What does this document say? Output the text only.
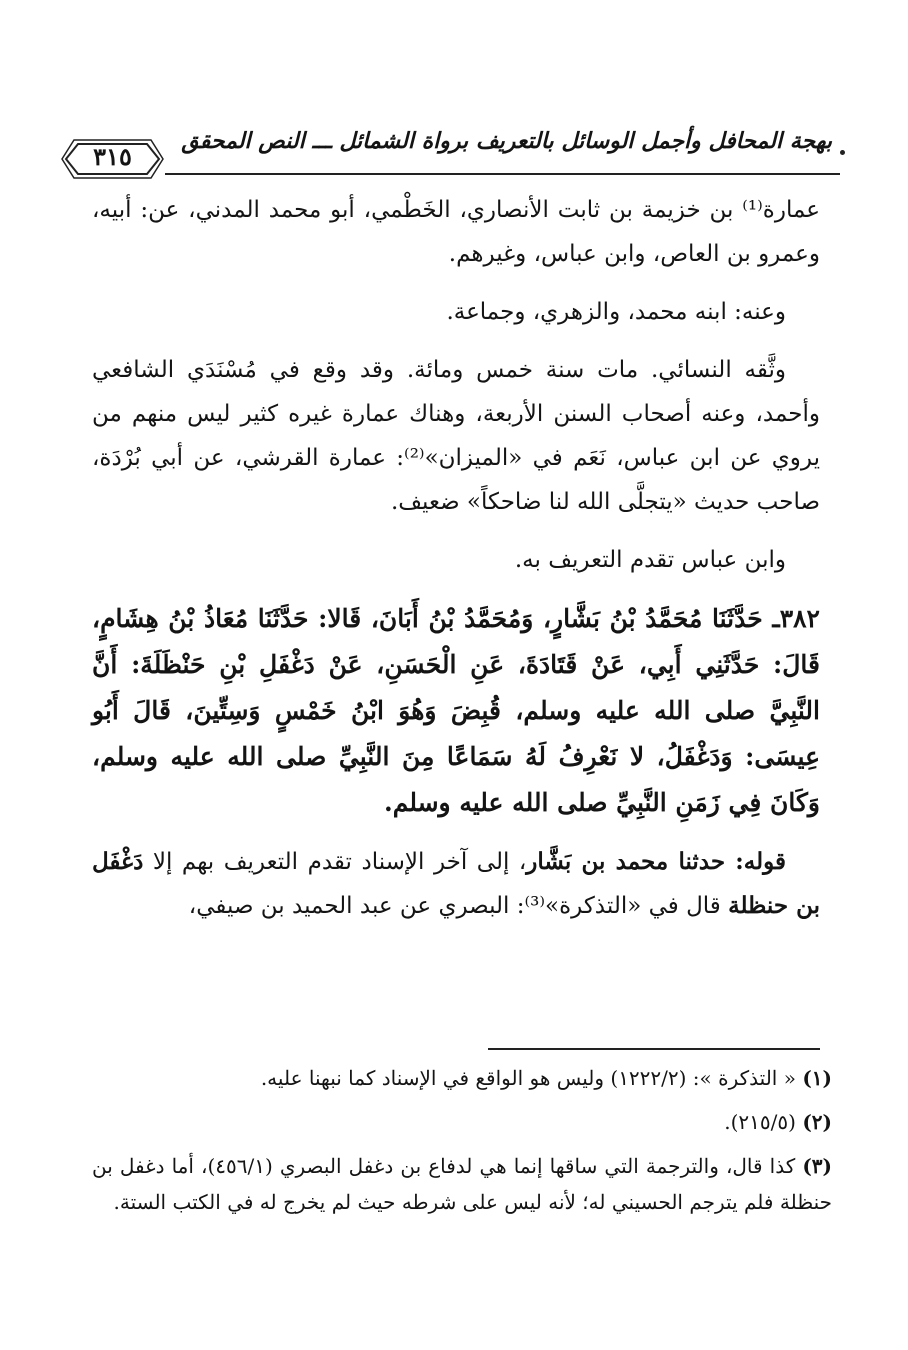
بهجة المحافل وأجمل الوسائل بالتعريف برواة الشمائل ـــ النص المحقق
٣١٥

عمارة⁽¹⁾ بن خزيمة بن ثابت الأنصاري، الخَطْمي، أبو محمد المدني، عن: أبيه، وعمرو بن العاص، وابن عباس، وغيرهم.

وعنه: ابنه محمد، والزهري، وجماعة.

وثَّقه النسائي. مات سنة خمس ومائة. وقد وقع في مُسْنَدَي الشافعي وأحمد، وعنه أصحاب السنن الأربعة، وهناك عمارة غيره كثير ليس منهم من يروي عن ابن عباس، نَعَم في «الميزان»⁽²⁾: عمارة القرشي، عن أبي بُرْدَة، صاحب حديث «يتجلَّى الله لنا ضاحكاً» ضعيف.

وابن عباس تقدم التعريف به.

٣٨٢ـ حَدَّثَنَا مُحَمَّدُ بْنُ بَشَّارٍ، وَمُحَمَّدُ بْنُ أَبَانَ، قَالا: حَدَّثَنَا مُعَاذُ بْنُ هِشَامٍ، قَالَ: حَدَّثَنِي أَبِي، عَنْ قَتَادَةَ، عَنِ الْحَسَنِ، عَنْ دَغْفَلِ بْنِ حَنْظَلَةَ: أَنَّ النَّبِيَّ صلى الله عليه وسلم، قُبِضَ وَهُوَ ابْنُ خَمْسٍ وَسِتِّينَ، قَالَ أَبُو عِيسَى: وَدَغْفَلُ، لا نَعْرِفُ لَهُ سَمَاعًا مِنَ النَّبِيِّ صلى الله عليه وسلم، وَكَانَ فِي زَمَنِ النَّبِيِّ صلى الله عليه وسلم.

قوله: حدثنا محمد بن بَشَّار، إلى آخر الإسناد تقدم التعريف بهم إلا دَغْفَل بن حنظلة قال في «التذكرة»⁽³⁾: البصري عن عبد الحميد بن صيفي،

(١) « التذكرة »: (١٢٢٢/٢) وليس هو الواقع في الإسناد كما نبهنا عليه.

(٢) (٢١٥/٥).

(٣) كذا قال، والترجمة التي ساقها إنما هي لدفاع بن دغفل البصري (٤٥٦/١)، أما دغفل بن حنظلة فلم يترجم الحسيني له؛ لأنه ليس على شرطه حيث لم يخرج له في الكتب الستة.
